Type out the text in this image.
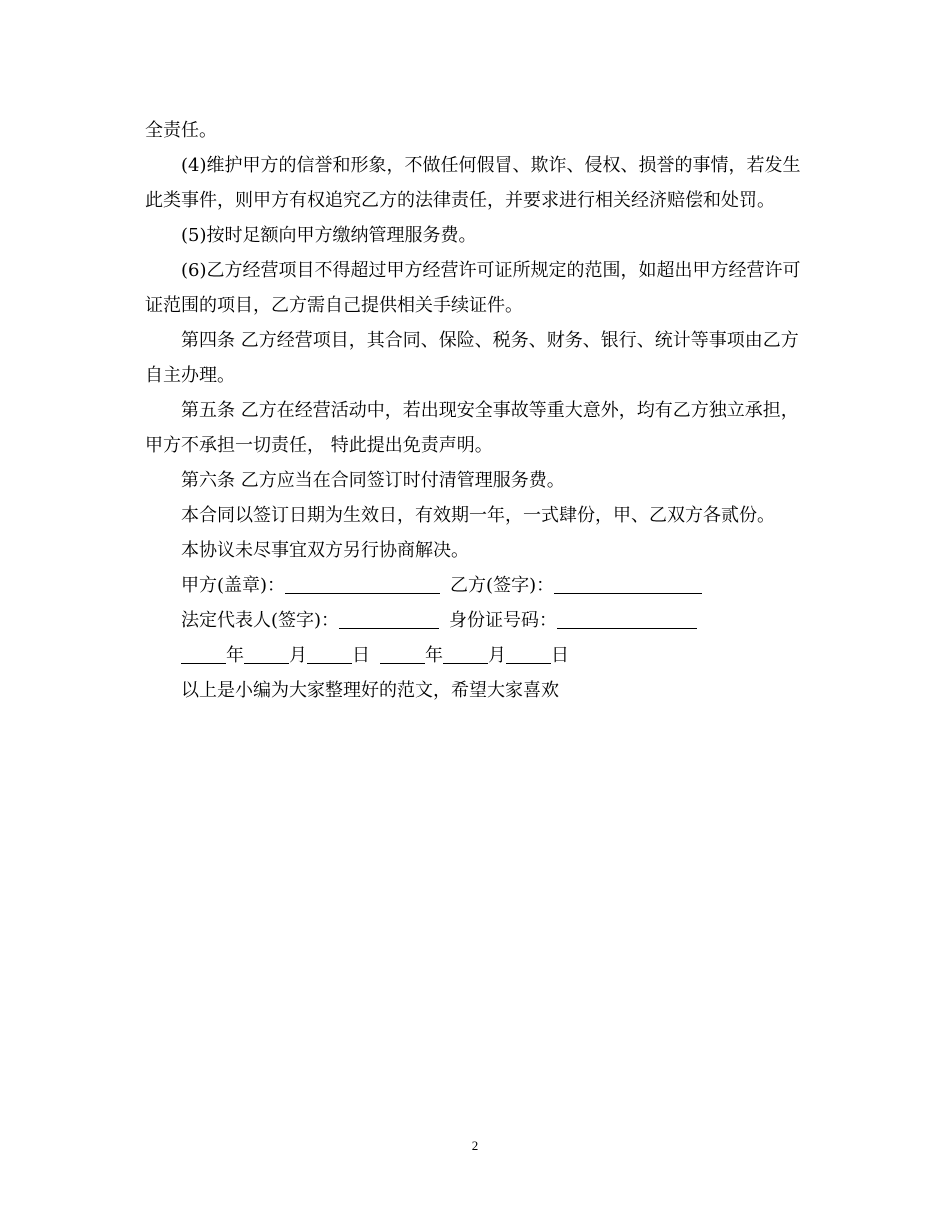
全责任。

(4)维护甲方的信誉和形象，不做任何假冒、欺诈、侵权、损誉的事情，若发生此类事件，则甲方有权追究乙方的法律责任，并要求进行相关经济赔偿和处罚。

(5)按时足额向甲方缴纳管理服务费。

(6)乙方经营项目不得超过甲方经营许可证所规定的范围，如超出甲方经营许可证范围的项目，乙方需自己提供相关手续证件。

第四条 乙方经营项目，其合同、保险、税务、财务、银行、统计等事项由乙方自主办理。

第五条 乙方在经营活动中，若出现安全事故等重大意外，均有乙方独立承担，甲方不承担一切责任， 特此提出免责声明。

第六条 乙方应当在合同签订时付清管理服务费。

本合同以签订日期为生效日，有效期一年，一式肆份，甲、乙双方各贰份。

本协议未尽事宜双方另行协商解决。

甲方(盖章)：	乙方(签字)：
法定代表人(签字)：	身份证号码：
年	月	日	年	月	日

以上是小编为大家整理好的范文，希望大家喜欢

2
